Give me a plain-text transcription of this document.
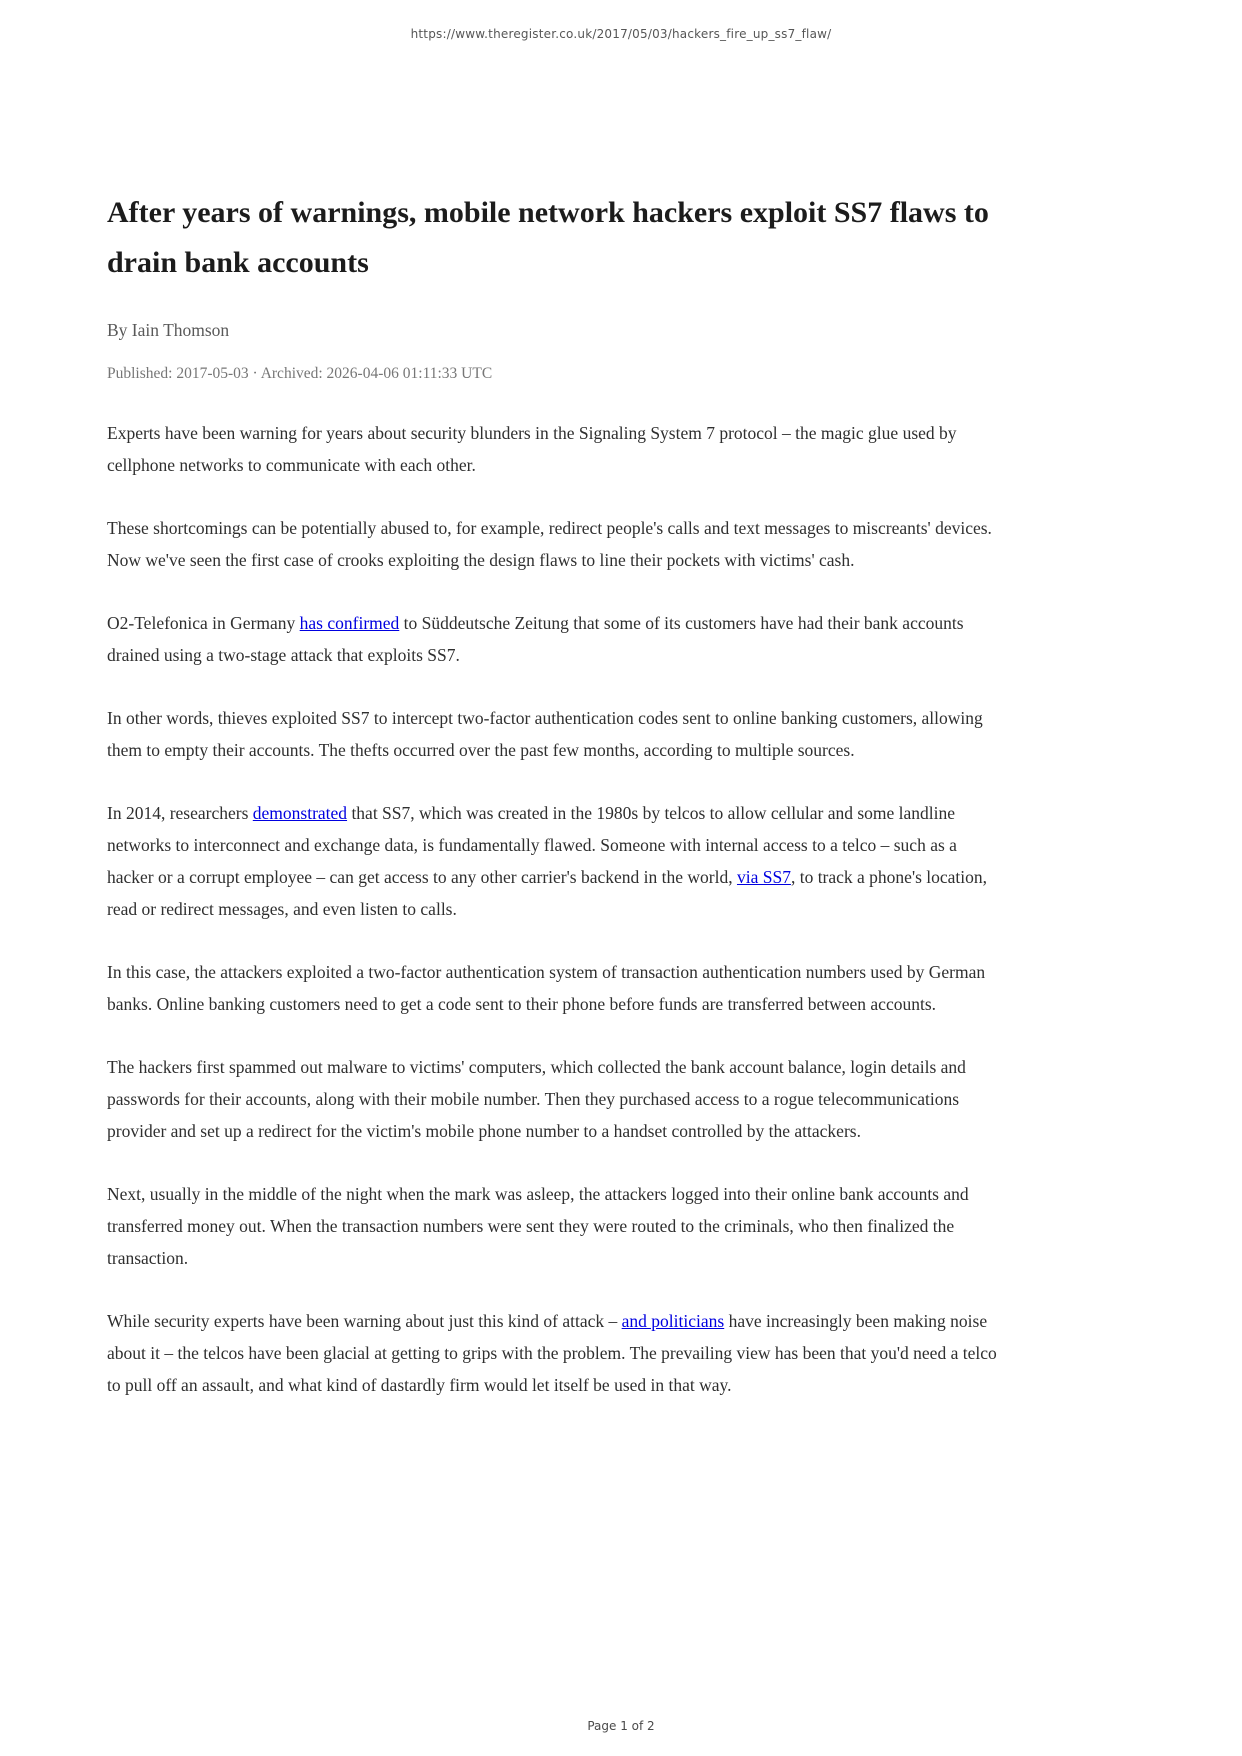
https://www.theregister.co.uk/2017/05/03/hackers_fire_up_ss7_flaw/
After years of warnings, mobile network hackers exploit SS7 flaws to drain bank accounts
By Iain Thomson
Published: 2017-05-03 · Archived: 2026-04-06 01:11:33 UTC

Experts have been warning for years about security blunders in the Signaling System 7 protocol – the magic glue used by cellphone networks to communicate with each other.

These shortcomings can be potentially abused to, for example, redirect people's calls and text messages to miscreants' devices. Now we've seen the first case of crooks exploiting the design flaws to line their pockets with victims' cash.

O2-Telefonica in Germany has confirmed to Süddeutsche Zeitung that some of its customers have had their bank accounts drained using a two-stage attack that exploits SS7.

In other words, thieves exploited SS7 to intercept two-factor authentication codes sent to online banking customers, allowing them to empty their accounts. The thefts occurred over the past few months, according to multiple sources.

In 2014, researchers demonstrated that SS7, which was created in the 1980s by telcos to allow cellular and some landline networks to interconnect and exchange data, is fundamentally flawed. Someone with internal access to a telco – such as a hacker or a corrupt employee – can get access to any other carrier's backend in the world, via SS7, to track a phone's location, read or redirect messages, and even listen to calls.

In this case, the attackers exploited a two-factor authentication system of transaction authentication numbers used by German banks. Online banking customers need to get a code sent to their phone before funds are transferred between accounts.

The hackers first spammed out malware to victims' computers, which collected the bank account balance, login details and passwords for their accounts, along with their mobile number. Then they purchased access to a rogue telecommunications provider and set up a redirect for the victim's mobile phone number to a handset controlled by the attackers.

Next, usually in the middle of the night when the mark was asleep, the attackers logged into their online bank accounts and transferred money out. When the transaction numbers were sent they were routed to the criminals, who then finalized the transaction.

While security experts have been warning about just this kind of attack – and politicians have increasingly been making noise about it – the telcos have been glacial at getting to grips with the problem. The prevailing view has been that you'd need a telco to pull off an assault, and what kind of dastardly firm would let itself be used in that way.

Page 1 of 2
